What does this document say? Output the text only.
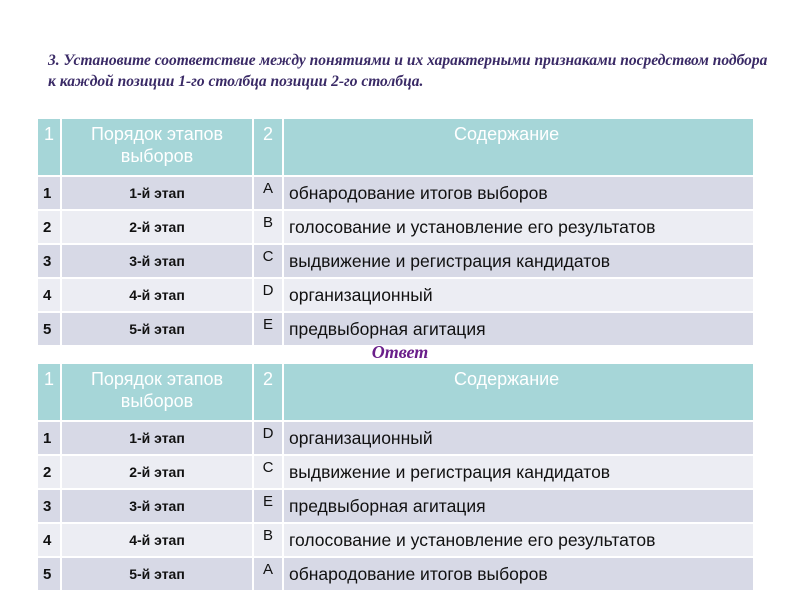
3. Установите соответствие между понятиями и их характерными признаками посредством подбора к каждой позиции 1-го столбца позиции 2-го столбца.

1	Порядок этапов выборов	2	Содержание
1	1-й этап	A	обнародование итогов выборов
2	2-й этап	B	голосование и установление его результатов
3	3-й этап	C	выдвижение и регистрация кандидатов
4	4-й этап	D	организационный
5	5-й этап	E	предвыборная агитация
Ответ
1	Порядок этапов выборов	2	Содержание
1	1-й этап	D	организационный
2	2-й этап	C	выдвижение и регистрация кандидатов
3	3-й этап	E	предвыборная агитация
4	4-й этап	B	голосование и установление его результатов
5	5-й этап	A	обнародование итогов выборов
